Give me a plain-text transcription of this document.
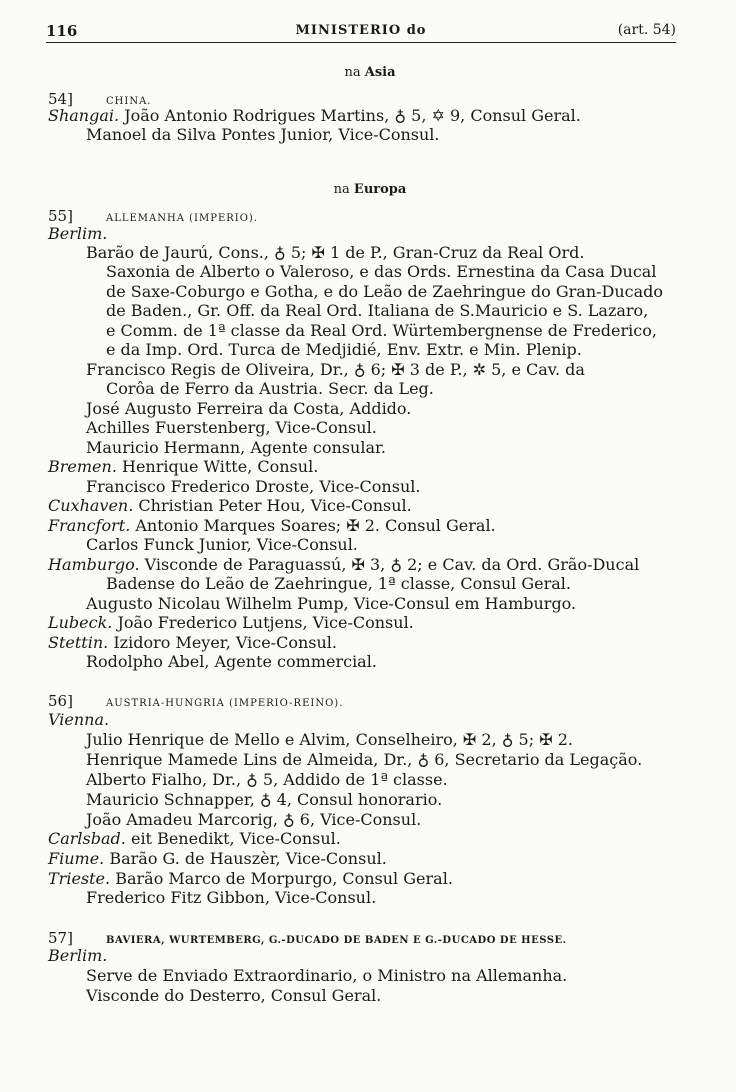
116	MINISTERIO do	(art. 54)
na Asia
54]	CHINA.
Shangai. João Antonio Rodrigues Martins, ♁ 5, ✡ 9, Consul Geral.
Manoel da Silva Pontes Junior, Vice-Consul.
na Europa
55]	ALLEMANHA (IMPERIO).
Berlim.
Barão de Jaurú, Cons., ♁ 5; ✠ 1 de P., Gran-Cruz da Real Ord.
Saxonia de Alberto o Valeroso, e das Ords. Ernestina da Casa Ducal
de Saxe-Coburgo e Gotha, e do Leão de Zaehringue do Gran-Ducado
de Baden., Gr. Off. da Real Ord. Italiana de S.Mauricio e S. Lazaro,
e Comm. de 1ª classe da Real Ord. Würtembergnense de Frederico,
e da Imp. Ord. Turca de Medjidié, Env. Extr. e Min. Plenip.
Francisco Regis de Oliveira, Dr., ♁ 6; ✠ 3 de P., ✲ 5, e Cav. da
Corôa de Ferro da Austria. Secr. da Leg.
José Augusto Ferreira da Costa, Addido.
Achilles Fuerstenberg, Vice-Consul.
Mauricio Hermann, Agente consular.
Bremen. Henrique Witte, Consul.
Francisco Frederico Droste, Vice-Consul.
Cuxhaven. Christian Peter Hou, Vice-Consul.
Francfort. Antonio Marques Soares; ✠ 2. Consul Geral.
Carlos Funck Junior, Vice-Consul.
Hamburgo. Visconde de Paraguassú, ✠ 3, ♁ 2; e Cav. da Ord. Grão-Ducal
Badense do Leão de Zaehringue, 1ª classe, Consul Geral.
Augusto Nicolau Wilhelm Pump, Vice-Consul em Hamburgo.
Lubeck. João Frederico Lutjens, Vice-Consul.
Stettin. Izidoro Meyer, Vice-Consul.
Rodolpho Abel, Agente commercial.
56]	AUSTRIA-HUNGRIA (IMPERIO-REINO).
Vienna.
Julio Henrique de Mello e Alvim, Conselheiro, ✠ 2, ♁ 5; ✠ 2.
Henrique Mamede Lins de Almeida, Dr., ♁ 6, Secretario da Legação.
Alberto Fialho, Dr., ♁ 5, Addido de 1ª classe.
Mauricio Schnapper, ♁ 4, Consul honorario.
João Amadeu Marcorig, ♁ 6, Vice-Consul.
Carlsbad. eit Benedikt, Vice-Consul.
Fiume. Barão G. de Hauszèr, Vice-Consul.
Trieste. Barão Marco de Morpurgo, Consul Geral.
Frederico Fitz Gibbon, Vice-Consul.
57]	BAVIERA, WURTEMBERG, G.-DUCADO DE BADEN E G.-DUCADO DE HESSE.
Berlim.
Serve de Enviado Extraordinario, o Ministro na Allemanha.
Visconde do Desterro, Consul Geral.
